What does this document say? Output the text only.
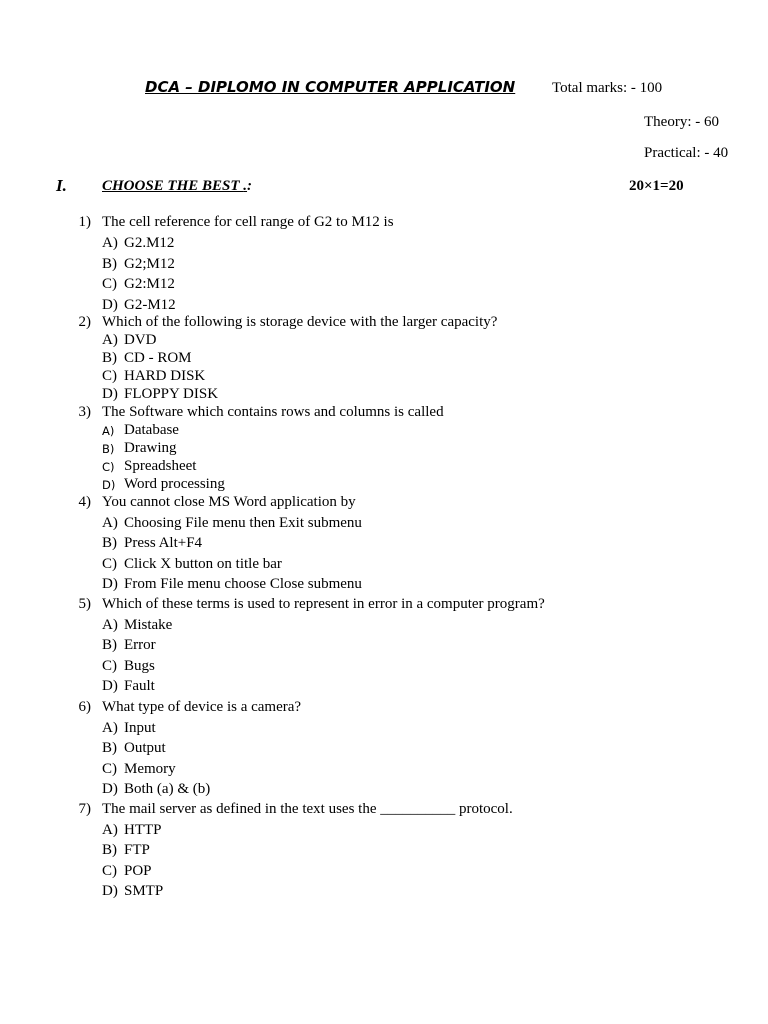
DCA – DIPLOMO IN COMPUTER APPLICATION Total marks: - 100
Theory: - 60
Practical: - 40
I. CHOOSE THE BEST .:	20×1=20
1) The cell reference for cell range of G2 to M12 is
A) G2.M12
B) G2;M12
C) G2:M12
D) G2-M12
2) Which of the following is storage device with the larger capacity?
A) DVD
B) CD - ROM
C) HARD DISK
D) FLOPPY DISK
3) The Software which contains rows and columns is called
A) Database
B) Drawing
C) Spreadsheet
D) Word processing
4) You cannot close MS Word application by
A) Choosing File menu then Exit submenu
B) Press Alt+F4
C) Click X button on title bar
D) From File menu choose Close submenu
5) Which of these terms is used to represent in error in a computer program?
A) Mistake
B) Error
C) Bugs
D) Fault
6) What type of device is a camera?
A) Input
B) Output
C) Memory
D) Both (a) & (b)
7) The mail server as defined in the text uses the __________ protocol.
A) HTTP
B) FTP
C) POP
D) SMTP
